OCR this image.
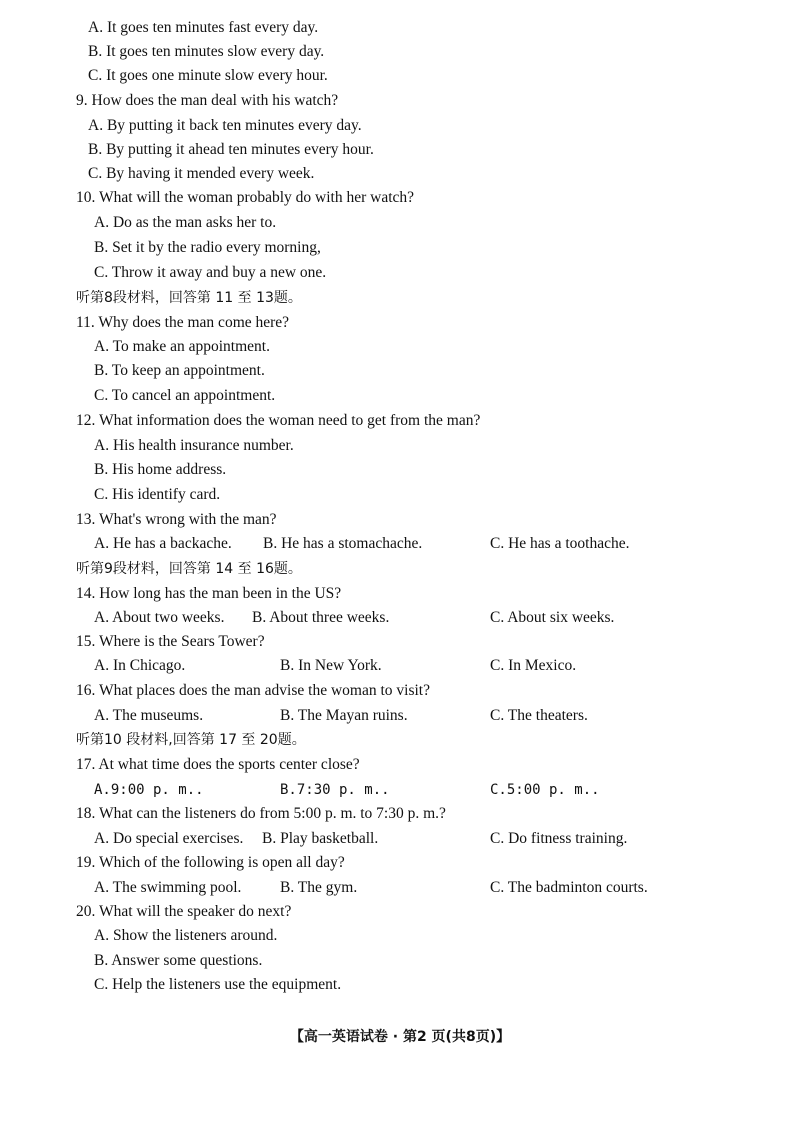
A. It goes ten minutes fast every day.
B. It goes ten minutes slow every day.
C. It goes one minute slow every hour.
9. How does the man deal with his watch?
A. By putting it back ten minutes every day.
B. By putting it ahead ten minutes every hour.
C. By having it mended every week.
10. What will the woman probably do with her watch?
A. Do as the man asks her to.
B. Set it by the radio every morning,
C. Throw it away and buy a new one.
听第8段材料，回答第 11 至 13题。
11. Why does the man come here?
A. To make an appointment.
B. To keep an appointment.
C. To cancel an appointment.
12. What information does the woman need to get from the man?
A. His health insurance number.
B. His home address.
C. His identify card.
13. What's wrong with the man?
A. He has a backache. B. He has a stomachache.	C. He has a toothache.
听第9段材料，回答第 14 至 16题。
14. How long has the man been in the US?
A. About two weeks. B. About three weeks.	C. About six weeks.
15. Where is the Sears Tower?
A. In Chicago.	B. In New York.	C. In Mexico.
16. What places does the man advise the woman to visit?
A. The museums.	B. The Mayan ruins.	C. The theaters.
听第10 段材料,回答第 17 至 20题。
17. At what time does the sports center close?
A.9:00 p. m..	B.7:30 p. m..	C.5:00 p. m..
18. What can the listeners do from 5:00 p. m. to 7:30 p. m.?
A. Do special exercises. B. Play basketball.	C. Do fitness training.
19. Which of the following is open all day?
A. The swimming pool. B. The gym.	C. The badminton courts.
20. What will the speaker do next?
A. Show the listeners around.
B. Answer some questions.
C. Help the listeners use the equipment.
【高一英语试卷 · 第2 页(共8页)】
